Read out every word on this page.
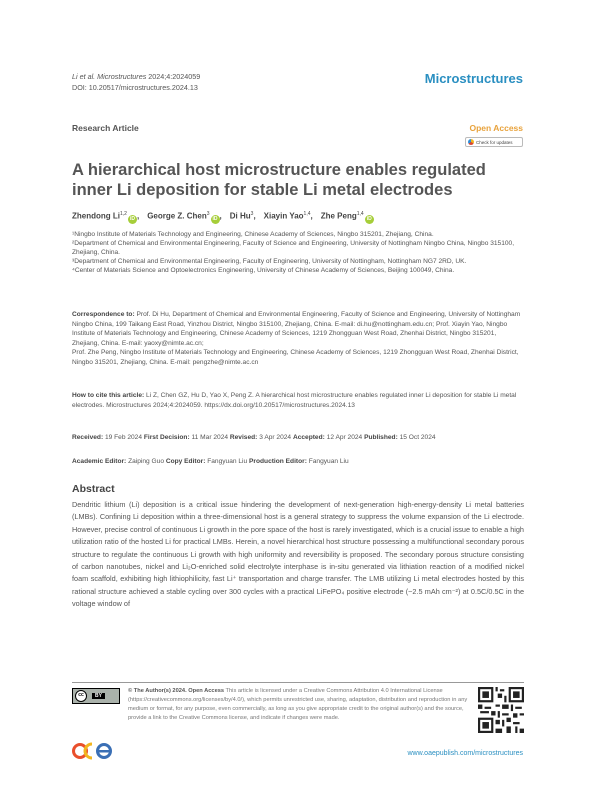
Li et al. Microstructures 2024;4:2024059
DOI: 10.20517/microstructures.2024.13
Microstructures
Research Article	Open Access
Check for updates
A hierarchical host microstructure enables regulated inner Li deposition for stable Li metal electrodes
Zhendong Li$^{1,2}$iD , George Z. Chen$^3$iD , Di Hu$^3$, Xiayin Yao$^{1,4}$, Zhe Peng$^{1,4}$iD

¹Ningbo Institute of Materials Technology and Engineering, Chinese Academy of Sciences, Ningbo 315201, Zhejiang, China.

²Department of Chemical and Environmental Engineering, Faculty of Science and Engineering, University of Nottingham Ningbo China, Ningbo 315100, Zhejiang, China.

³Department of Chemical and Environmental Engineering, Faculty of Engineering, University of Nottingham, Nottingham NG7 2RD, UK.

⁴Center of Materials Science and Optoelectronics Engineering, University of Chinese Academy of Sciences, Beijing 100049, China.

Correspondence to: Prof. Di Hu, Department of Chemical and Environmental Engineering, Faculty of Science and Engineering, University of Nottingham Ningbo China, 199 Taikang East Road, Yinzhou District, Ningbo 315100, Zhejiang, China. E-mail: di.hu@nottingham.edu.cn; Prof. Xiayin Yao, Ningbo Institute of Materials Technology and Engineering, Chinese Academy of Sciences, 1219 Zhongguan West Road, Zhenhai District, Ningbo 315201, Zhejiang, China. E-mail: yaoxy@nimte.ac.cn;
Prof. Zhe Peng, Ningbo Institute of Materials Technology and Engineering, Chinese Academy of Sciences, 1219 Zhongguan West Road, Zhenhai District, Ningbo 315201, Zhejiang, China. E-mail: pengzhe@nimte.ac.cn
How to cite this article: Li Z, Chen GZ, Hu D, Yao X, Peng Z. A hierarchical host microstructure enables regulated inner Li deposition for stable Li metal electrodes. Microstructures 2024;4:2024059. https://dx.doi.org/10.20517/microstructures.2024.13
Received: 19 Feb 2024 First Decision: 11 Mar 2024 Revised: 3 Apr 2024 Accepted: 12 Apr 2024 Published: 15 Oct 2024
Academic Editor: Zaiping Guo Copy Editor: Fangyuan Liu Production Editor: Fangyuan Liu
Abstract

Dendritic lithium (Li) deposition is a critical issue hindering the development of next-generation high-energy-density Li metal batteries (LMBs). Confining Li deposition within a three-dimensional host is a general strategy to suppress the volume expansion of the Li electrode. However, precise control of continuous Li growth in the pore space of the host is rarely investigated, which is a crucial issue to enable a high utilization ratio of the hosted Li for practical LMBs. Herein, a novel hierarchical host structure possessing a multifunctional secondary porous structure to regulate the continuous Li growth with high uniformity and reversibility is proposed. The secondary porous structure consisting of carbon nanotubes, nickel and Li₂O-enriched solid electrolyte interphase is in-situ generated via lithiation reaction of a modified nickel foam scaffold, exhibiting high lithiophilicity, fast Li⁺ transportation and charge transfer. The LMB utilizing Li metal electrodes hosted by this rational structure achieved a stable cycling over 300 cycles with a practical LiFePO₄ positive electrode (~2.5 mAh cm⁻²) at 0.5C/0.5C in the voltage window of

cc	BY
© The Author(s) 2024. Open Access This article is licensed under a Creative Commons Attribution 4.0 International License (https://creativecommons.org/licenses/by/4.0/), which permits unrestricted use, sharing, adaptation, distribution and reproduction in any medium or format, for any purpose, even commercially, as long as you give appropriate credit to the original author(s) and the source, provide a link to the Creative Commons license, and indicate if changes were made.
oae
www.oaepublish.com/microstructures
